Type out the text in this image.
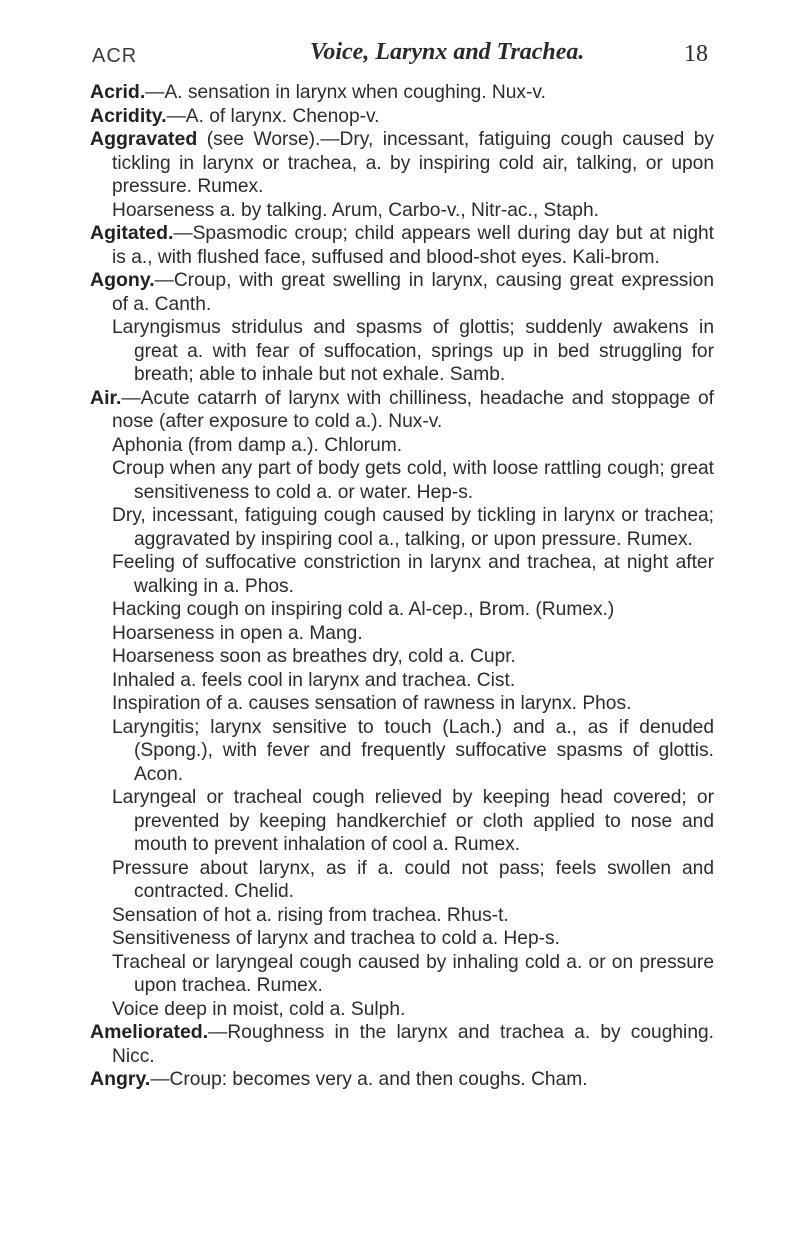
ACR	Voice, Larynx and Trachea.	18

Acrid.—A. sensation in larynx when coughing. Nux-v.

Acridity.—A. of larynx. Chenop-v.

Aggravated (see Worse).—Dry, incessant, fatiguing cough caused by tickling in larynx or trachea, a. by inspiring cold air, talking, or upon pressure. Rumex.

Hoarseness a. by talking. Arum, Carbo-v., Nitr-ac., Staph.

Agitated.—Spasmodic croup; child appears well during day but at night is a., with flushed face, suffused and blood-shot eyes. Kali-brom.

Agony.—Croup, with great swelling in larynx, causing great expression of a. Canth.

Laryngismus stridulus and spasms of glottis; suddenly awakens in great a. with fear of suffocation, springs up in bed struggling for breath; able to inhale but not exhale. Samb.

Air.—Acute catarrh of larynx with chilliness, headache and stoppage of nose (after exposure to cold a.). Nux-v.

Aphonia (from damp a.). Chlorum.

Croup when any part of body gets cold, with loose rattling cough; great sensitiveness to cold a. or water. Hep-s.

Dry, incessant, fatiguing cough caused by tickling in larynx or trachea; aggravated by inspiring cool a., talking, or upon pressure. Rumex.

Feeling of suffocative constriction in larynx and trachea, at night after walking in a. Phos.

Hacking cough on inspiring cold a. Al-cep., Brom. (Rumex.)

Hoarseness in open a. Mang.

Hoarseness soon as breathes dry, cold a. Cupr.

Inhaled a. feels cool in larynx and trachea. Cist.

Inspiration of a. causes sensation of rawness in larynx. Phos.

Laryngitis; larynx sensitive to touch (Lach.) and a., as if denuded (Spong.), with fever and frequently suffocative spasms of glottis. Acon.

Laryngeal or tracheal cough relieved by keeping head covered; or prevented by keeping handkerchief or cloth applied to nose and mouth to prevent inhalation of cool a. Rumex.

Pressure about larynx, as if a. could not pass; feels swollen and contracted. Chelid.

Sensation of hot a. rising from trachea. Rhus-t.

Sensitiveness of larynx and trachea to cold a. Hep-s.

Tracheal or laryngeal cough caused by inhaling cold a. or on pressure upon trachea. Rumex.

Voice deep in moist, cold a. Sulph.

Ameliorated.—Roughness in the larynx and trachea a. by coughing. Nicc.

Angry.—Croup: becomes very a. and then coughs. Cham.
